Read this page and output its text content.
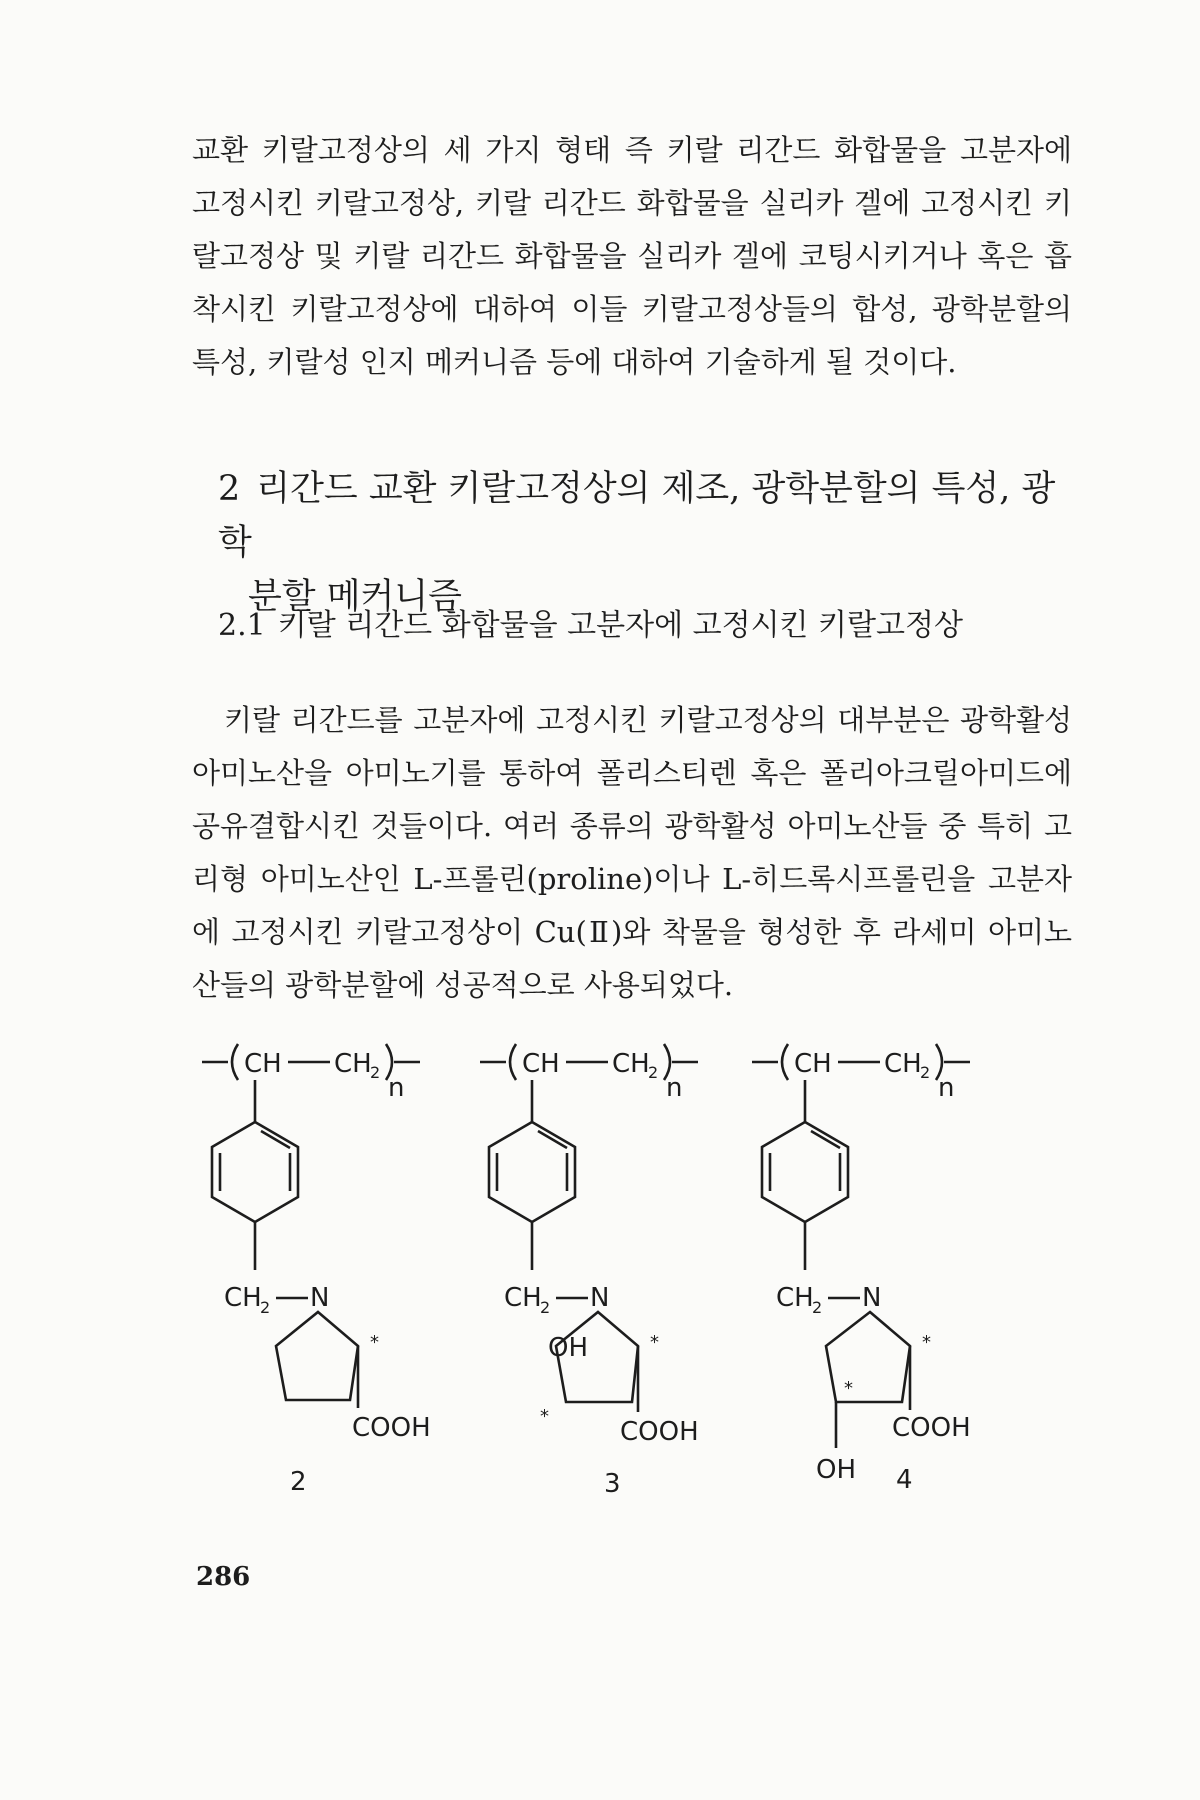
교환 키랄고정상의 세 가지 형태 즉 키랄 리간드 화합물을 고분자에
고정시킨 키랄고정상, 키랄 리간드 화합물을 실리카 겔에 고정시킨 키
랄고정상 및 키랄 리간드 화합물을 실리카 겔에 코팅시키거나 혹은 흡
착시킨 키랄고정상에 대하여 이들 키랄고정상들의 합성, 광학분할의
특성, 키랄성 인지 메커니즘 등에 대하여 기술하게 될 것이다.
2 리간드 교환 키랄고정상의 제조, 광학분할의 특성, 광학
분할 메커니즘
2.1 키랄 리간드 화합물을 고분자에 고정시킨 키랄고정상
키랄 리간드를 고분자에 고정시킨 키랄고정상의 대부분은 광학활성
아미노산을 아미노기를 통하여 폴리스티렌 혹은 폴리아크릴아미드에
공유결합시킨 것들이다. 여러 종류의 광학활성 아미노산들 중 특히 고
리형 아미노산인 L-프롤린(proline)이나 L-히드록시프롤린을 고분자
에 고정시킨 키랄고정상이 Cu(Ⅱ)와 착물을 형성한 후 라세미 아미노
산들의 광학분할에 성공적으로 사용되었다.
CH CH
2
n
CH
2 N
*
COOH
2
CH CH
2
n
CH
2 N
OH	*
*
COOH
3
CH CH
2
n
CH
2 N
*
*
COOH
OH 4
286
